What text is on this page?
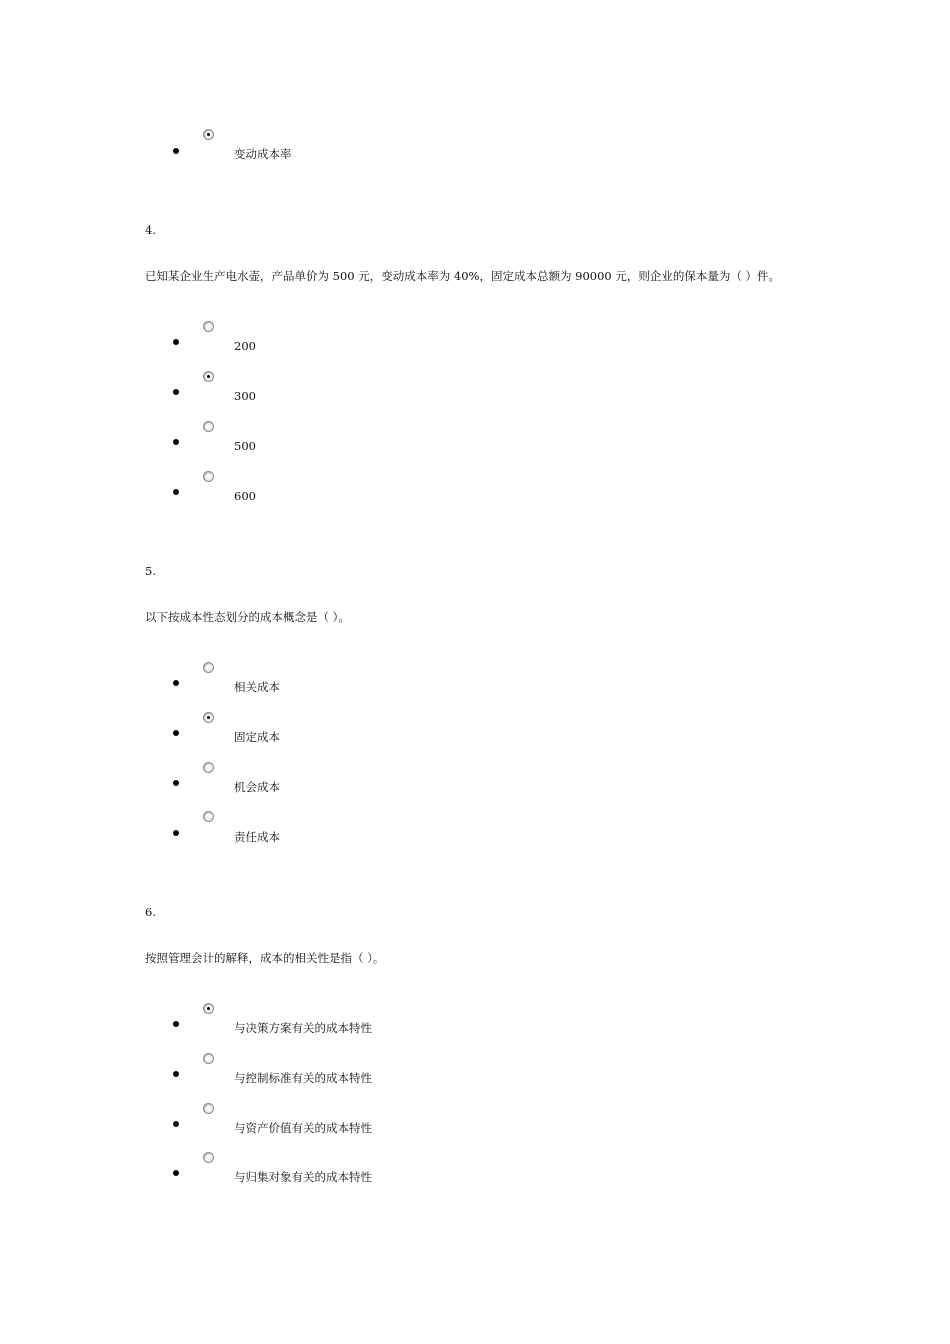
变动成本率
4.
已知某企业生产电水壶，产品单价为 500 元，变动成本率为 40%，固定成本总额为 90000 元，则企业的保本量为（ ）件。
200
300
500
600
5.
以下按成本性态划分的成本概念是（ ）。
相关成本
固定成本
机会成本
责任成本
6.
按照管理会计的解释，成本的相关性是指（ ）。
与决策方案有关的成本特性
与控制标准有关的成本特性
与资产价值有关的成本特性
与归集对象有关的成本特性
